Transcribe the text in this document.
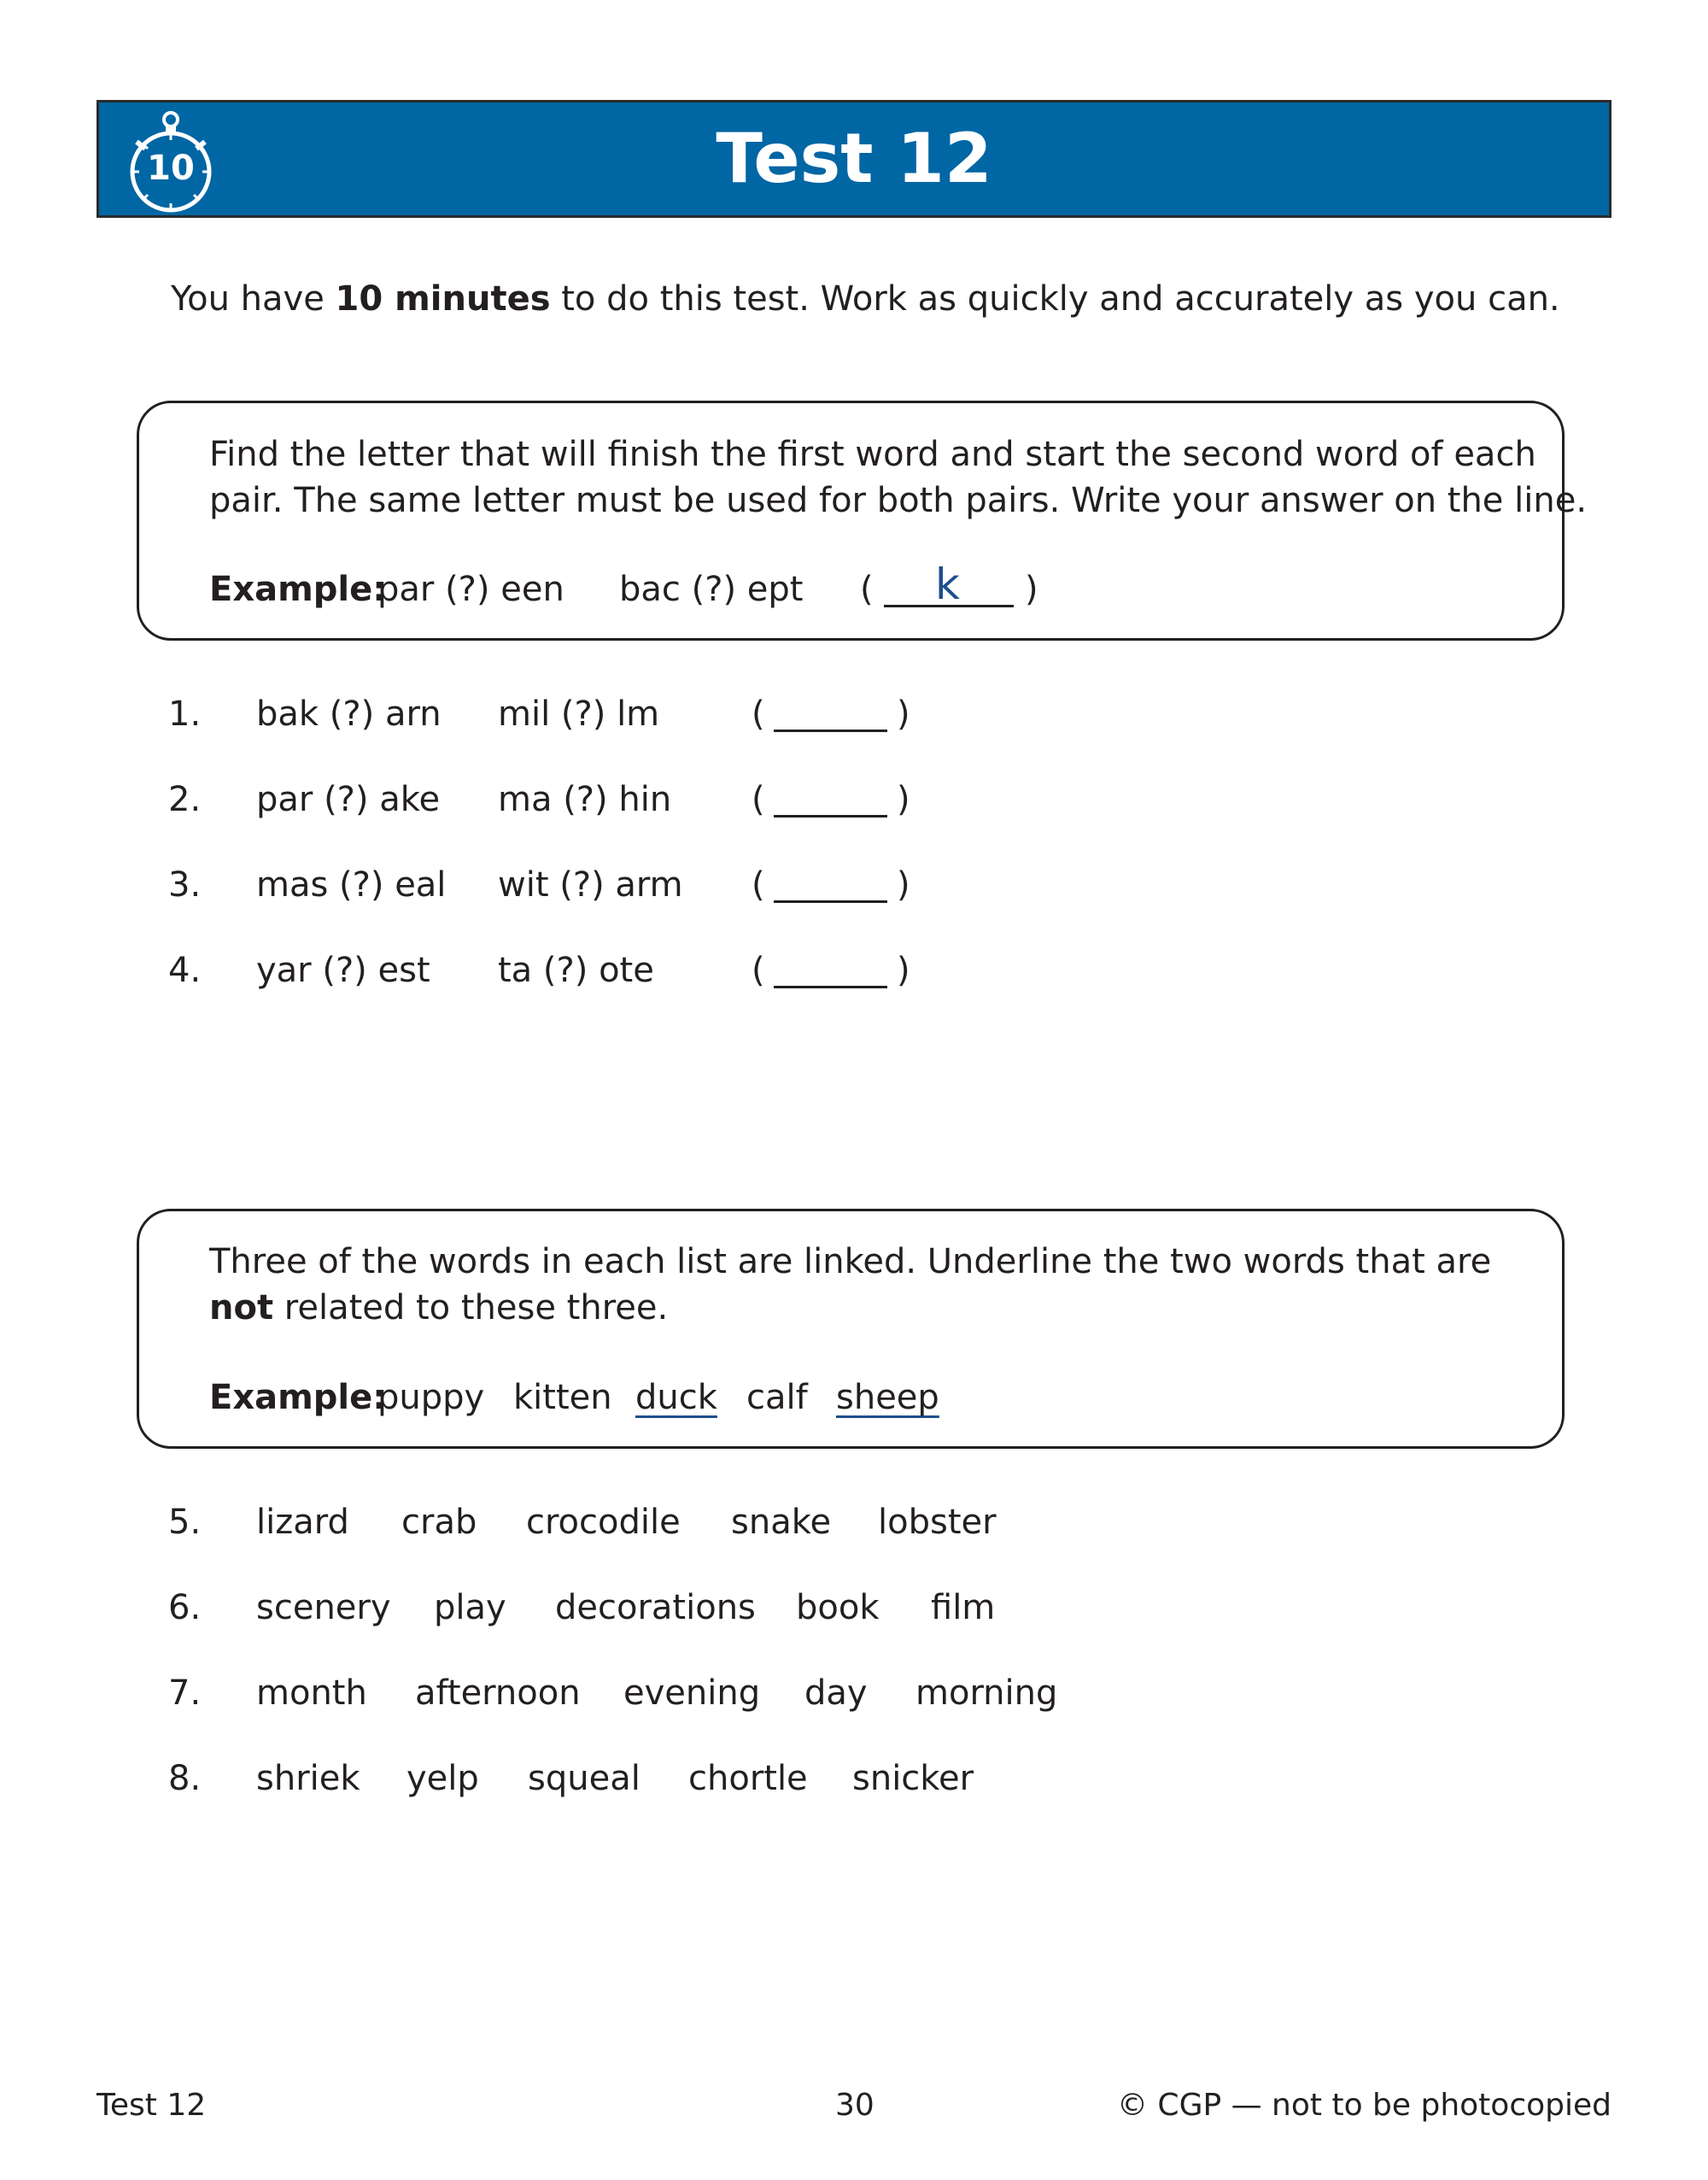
10	Test 12
You have 10 minutes to do this test. Work as quickly and accurately as you can.
Find the letter that will finish the first word and start the second word of each
pair. The same letter must be used for both pairs. Write your answer on the line.
Example:
par (?) een bac (?) ept ( k )
1. bak (?) arn mil (?) lm	(	)
2. par (?) ake ma (?) hin (	)
3. mas (?) eal wit (?) arm (	)
4. yar (?) est ta (?) ote	(	)
Three of the words in each list are linked. Underline the two words that are
not related to these three.
Example:
puppy kitten duck calf sheep
5. lizard crab crocodile snake lobster
6. scenery play decorations book film
7. month afternoon evening day morning
8. shriek yelp squeal chortle snicker
Test 12	30	© CGP — not to be photocopied
